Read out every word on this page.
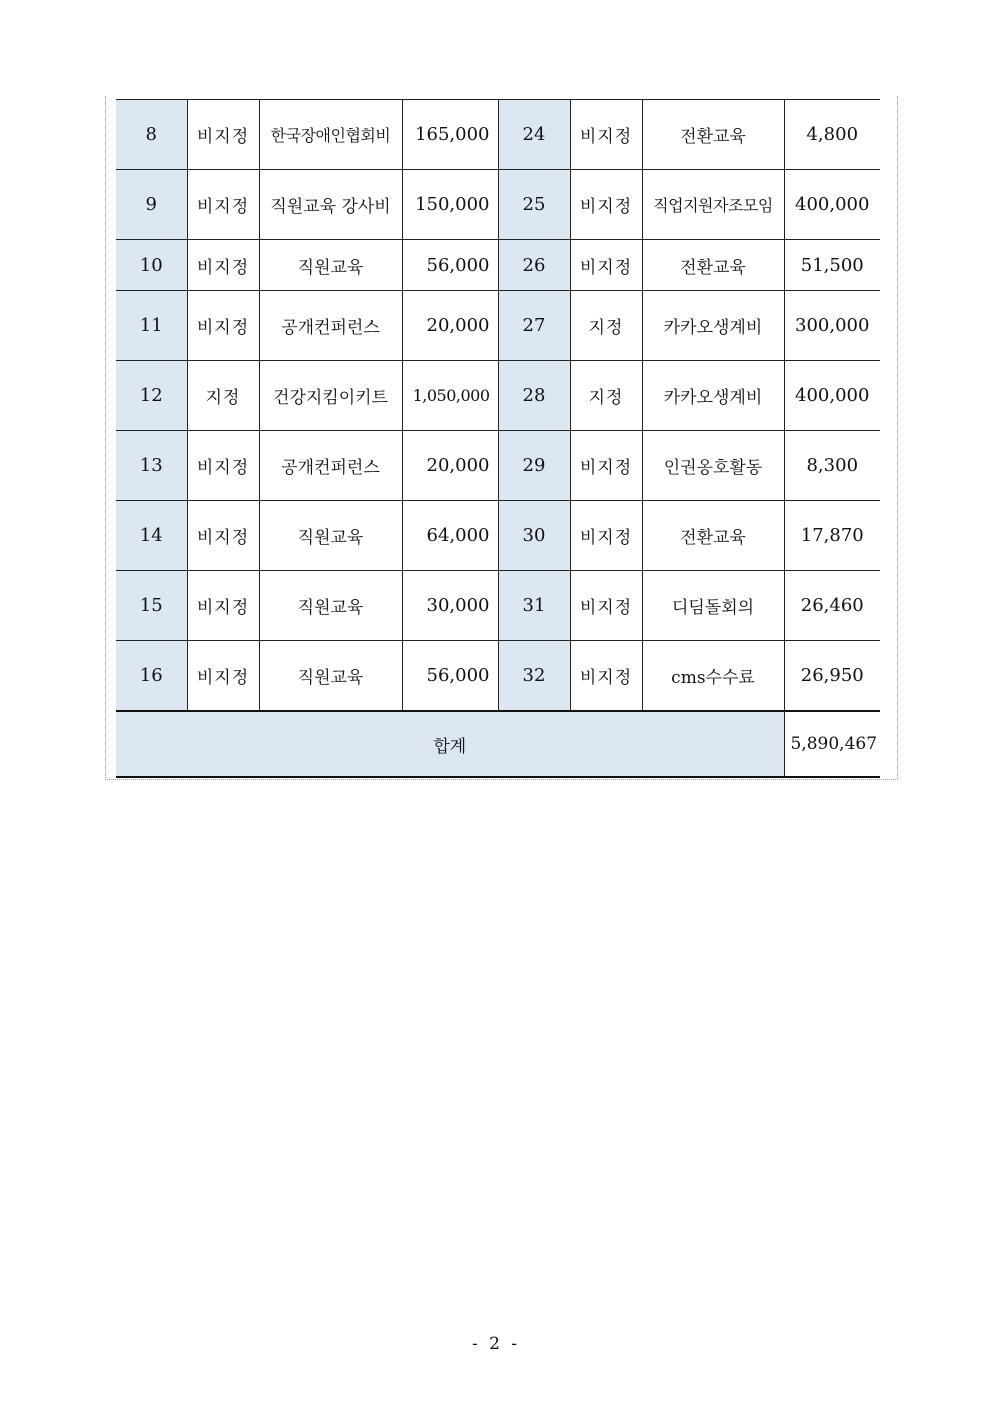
8	비지정	한국장애인협회비	165,000	24	비지정	전환교육	4,800
9	비지정	직원교육 강사비	150,000	25	비지정	직업지원자조모임	400,000
10	비지정	직원교육	56,000	26	비지정	전환교육	51,500
11	비지정	공개컨퍼런스	20,000	27	지정	카카오생계비	300,000
12	지정	건강지킴이키트	1,050,000	28	지정	카카오생계비	400,000
13	비지정	공개컨퍼런스	20,000	29	비지정	인권옹호활동	8,300
14	비지정	직원교육	64,000	30	비지정	전환교육	17,870
15	비지정	직원교육	30,000	31	비지정	디딤돌회의	26,460
16	비지정	직원교육	56,000	32	비지정	cms수수료	26,950
합계							5,890,467
- 2 -
